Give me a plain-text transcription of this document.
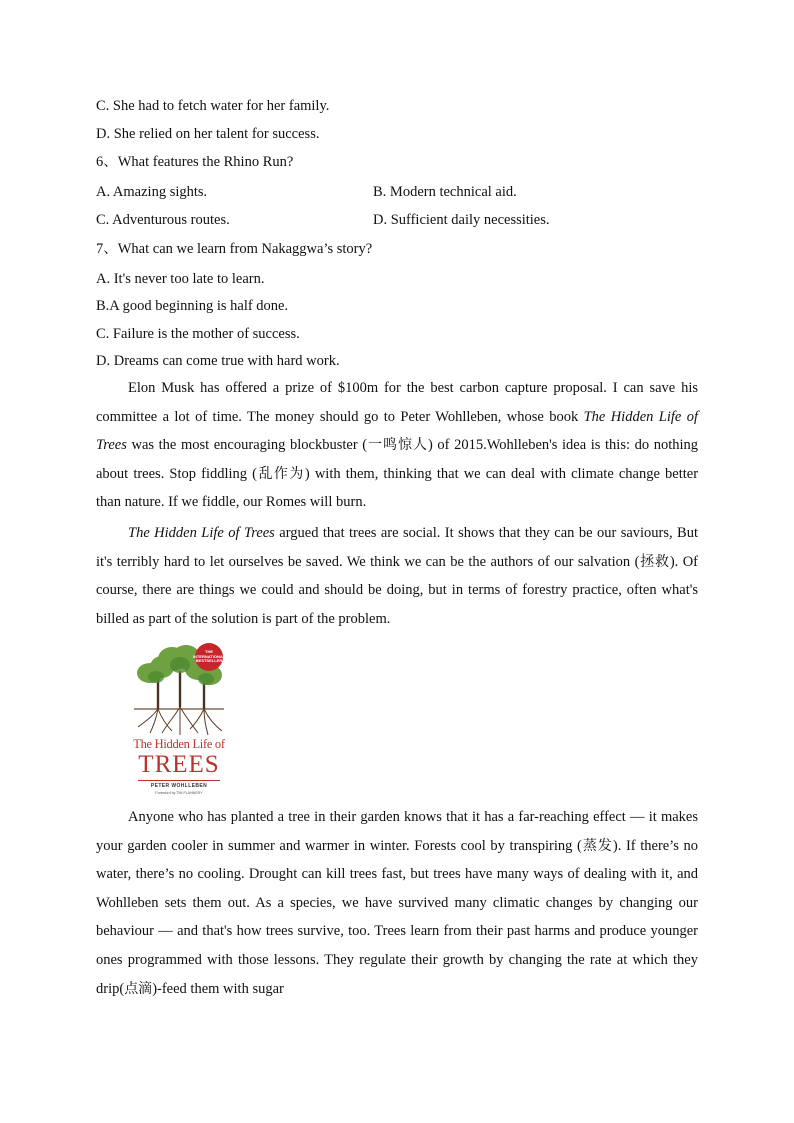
C. She had to fetch water for her family.
D. She relied on her talent for success.
6、What features the Rhino Run?
A. Amazing sights.	B. Modern technical aid.
C. Adventurous routes.	D. Sufficient daily necessities.
7、What can we learn from Nakaggwa’s story?
A. It's never too late to learn.
B.A good beginning is half done.
C. Failure is the mother of success.
D. Dreams can come true with hard work.

Elon Musk has offered a prize of $100m for the best carbon capture proposal. I can save his committee a lot of time. The money should go to Peter Wohlleben, whose book The Hidden Life of Trees was the most encouraging blockbuster (一鸣惊人) of 2015.Wohlleben's idea is this: do nothing about trees. Stop fiddling (乱作为) with them, thinking that we can deal with climate change better than nature. If we fiddle, our Romes will burn.

The Hidden Life of Trees argued that trees are social. It shows that they can be our saviours, But it's terribly hard to let ourselves be saved. We think we can be the authors of our salvation (拯救). Of course, there are things we could and should be doing, but in terms of forestry practice, often what's billed as part of the solution is part of the problem.

THE INTERNATIONAL BESTSELLER
The Hidden Life of
TREES
PETER WOHLLEBEN
Foreword by TIM FLANNERY

Anyone who has planted a tree in their garden knows that it has a far-reaching effect — it makes your garden cooler in summer and warmer in winter. Forests cool by transpiring (蒸发). If there’s no water, there’s no cooling. Drought can kill trees fast, but trees have many ways of dealing with it, and Wohlleben sets them out. As a species, we have survived many climatic changes by changing our behaviour — and that's how trees survive, too. Trees learn from their past harms and produce younger ones programmed with those lessons. They regulate their growth by changing the rate at which they drip(点滴)-feed them with sugar
